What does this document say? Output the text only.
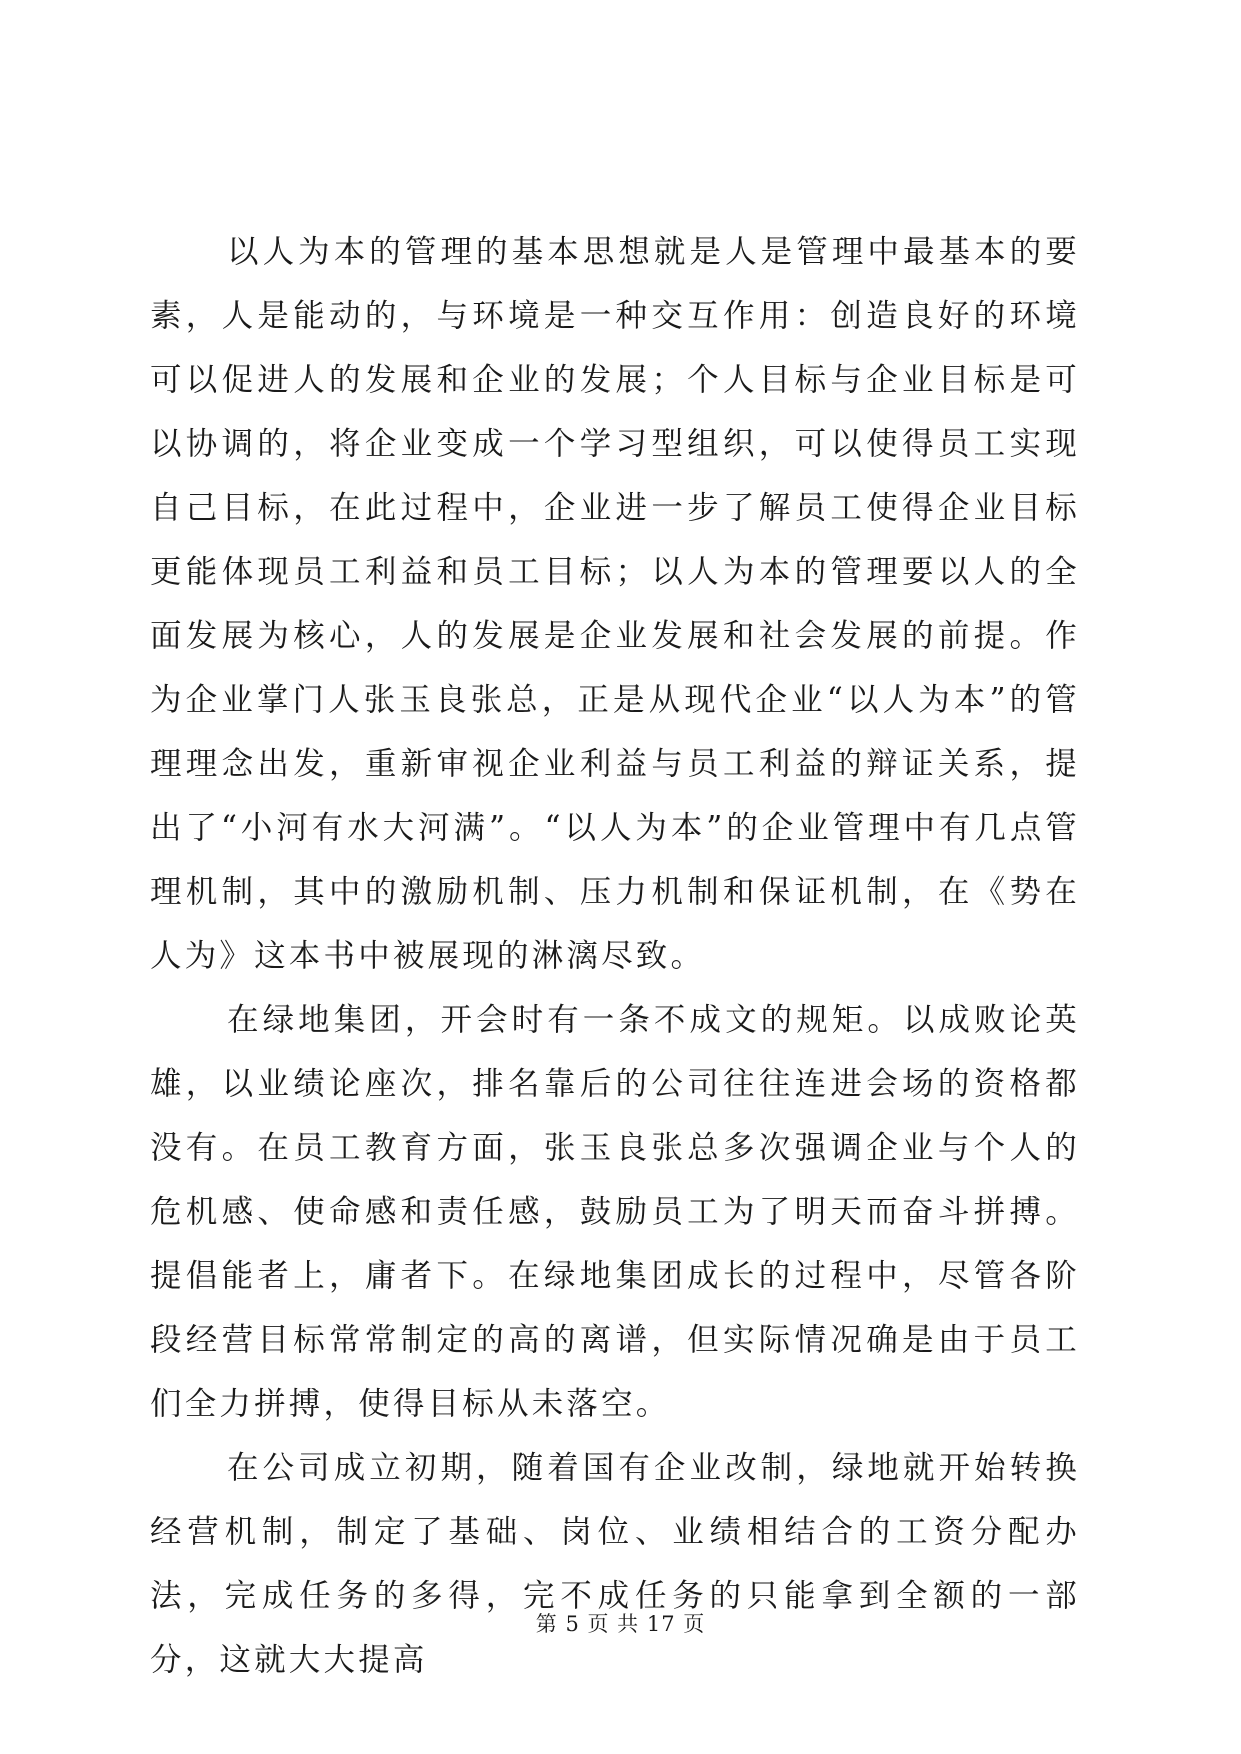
以人为本的管理的基本思想就是人是管理中最基本的要素，人是能动的，与环境是一种交互作用：创造良好的环境可以促进人的发展和企业的发展；个人目标与企业目标是可以协调的，将企业变成一个学习型组织，可以使得员工实现自己目标，在此过程中，企业进一步了解员工使得企业目标更能体现员工利益和员工目标；以人为本的管理要以人的全面发展为核心，人的发展是企业发展和社会发展的前提。作为企业掌门人张玉良张总，正是从现代企业“以人为本”的管理理念出发，重新审视企业利益与员工利益的辩证关系，提出了“小河有水大河满”。“以人为本”的企业管理中有几点管理机制，其中的激励机制、压力机制和保证机制，在《势在人为》这本书中被展现的淋漓尽致。

在绿地集团，开会时有一条不成文的规矩。以成败论英雄，以业绩论座次，排名靠后的公司往往连进会场的资格都没有。在员工教育方面，张玉良张总多次强调企业与个人的危机感、使命感和责任感，鼓励员工为了明天而奋斗拼搏。提倡能者上，庸者下。在绿地集团成长的过程中，尽管各阶段经营目标常常制定的高的离谱，但实际情况确是由于员工们全力拼搏，使得目标从未落空。

在公司成立初期，随着国有企业改制，绿地就开始转换经营机制，制定了基础、岗位、业绩相结合的工资分配办法，完成任务的多得，完不成任务的只能拿到全额的一部分，这就大大提高

第 5 页 共 17 页
